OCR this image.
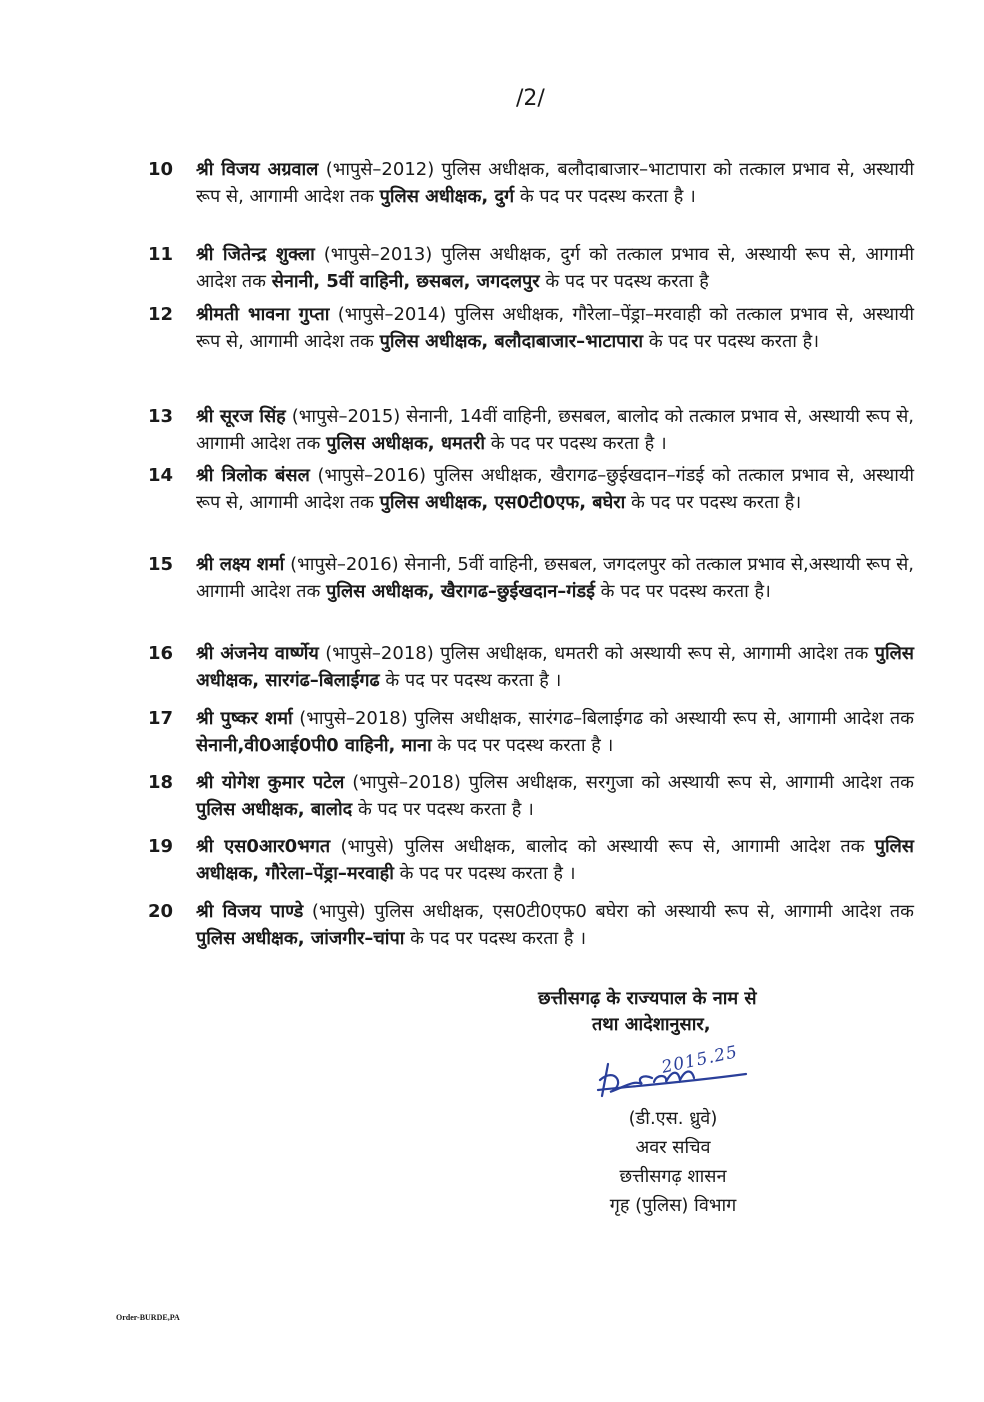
/2/
10 श्री विजय अग्रवाल (भापुसे–2012) पुलिस अधीक्षक, बलौदाबाजार–भाटापारा को तत्काल प्रभाव से, अस्थायी रूप से, आगामी आदेश तक पुलिस अधीक्षक, दुर्ग के पद पर पदस्थ करता है ।
11 श्री जितेन्द्र शुक्ला (भापुसे–2013) पुलिस अधीक्षक, दुर्ग को तत्काल प्रभाव से, अस्थायी रूप से, आगामी आदेश तक सेनानी, 5वीं वाहिनी, छसबल, जगदलपुर के पद पर पदस्थ करता है
12 श्रीमती भावना गुप्ता (भापुसे–2014) पुलिस अधीक्षक, गौरेला–पेंड्रा–मरवाही को तत्काल प्रभाव से, अस्थायी रूप से, आगामी आदेश तक पुलिस अधीक्षक, बलौदाबाजार–भाटापारा के पद पर पदस्थ करता है।
13 श्री सूरज सिंह (भापुसे–2015) सेनानी, 14वीं वाहिनी, छसबल, बालोद को तत्काल प्रभाव से, अस्थायी रूप से, आगामी आदेश तक पुलिस अधीक्षक, धमतरी के पद पर पदस्थ करता है ।
14 श्री त्रिलोक बंसल (भापुसे–2016) पुलिस अधीक्षक, खैरागढ–छुईखदान–गंडई को तत्काल प्रभाव से, अस्थायी रूप से, आगामी आदेश तक पुलिस अधीक्षक, एस0टी0एफ, बघेरा के पद पर पदस्थ करता है।
15 श्री लक्ष्य शर्मा (भापुसे–2016) सेनानी, 5वीं वाहिनी, छसबल, जगदलपुर को तत्काल प्रभाव से,अस्थायी रूप से, आगामी आदेश तक पुलिस अधीक्षक, खैरागढ–छुईखदान–गंडई के पद पर पदस्थ करता है।
16 श्री अंजनेय वार्ष्णेय (भापुसे–2018) पुलिस अधीक्षक, धमतरी को अस्थायी रूप से, आगामी आदेश तक पुलिस अधीक्षक, सारगंढ–बिलाईगढ के पद पर पदस्थ करता है ।
17 श्री पुष्कर शर्मा (भापुसे–2018) पुलिस अधीक्षक, सारंगढ–बिलाईगढ को अस्थायी रूप से, आगामी आदेश तक सेनानी,वी0आई0पी0 वाहिनी, माना के पद पर पदस्थ करता है ।
18 श्री योगेश कुमार पटेल (भापुसे–2018) पुलिस अधीक्षक, सरगुजा को अस्थायी रूप से, आगामी आदेश तक पुलिस अधीक्षक, बालोद के पद पर पदस्थ करता है ।
19 श्री एस0आर0भगत (भापुसे) पुलिस अधीक्षक, बालोद को अस्थायी रूप से, आगामी आदेश तक पुलिस अधीक्षक, गौरेला–पेंड्रा–मरवाही के पद पर पदस्थ करता है ।
20 श्री विजय पाण्डे (भापुसे) पुलिस अधीक्षक, एस0टी0एफ0 बघेरा को अस्थायी रूप से, आगामी आदेश तक पुलिस अधीक्षक, जांजगीर–चांपा के पद पर पदस्थ करता है ।
छत्तीसगढ़ के राज्यपाल के नाम से
तथा आदेशानुसार,
2015.25
(डी.एस. ध्रुवे)
अवर सचिव
छत्तीसगढ़ शासन
गृह (पुलिस) विभाग
Order-BURDE,PA
